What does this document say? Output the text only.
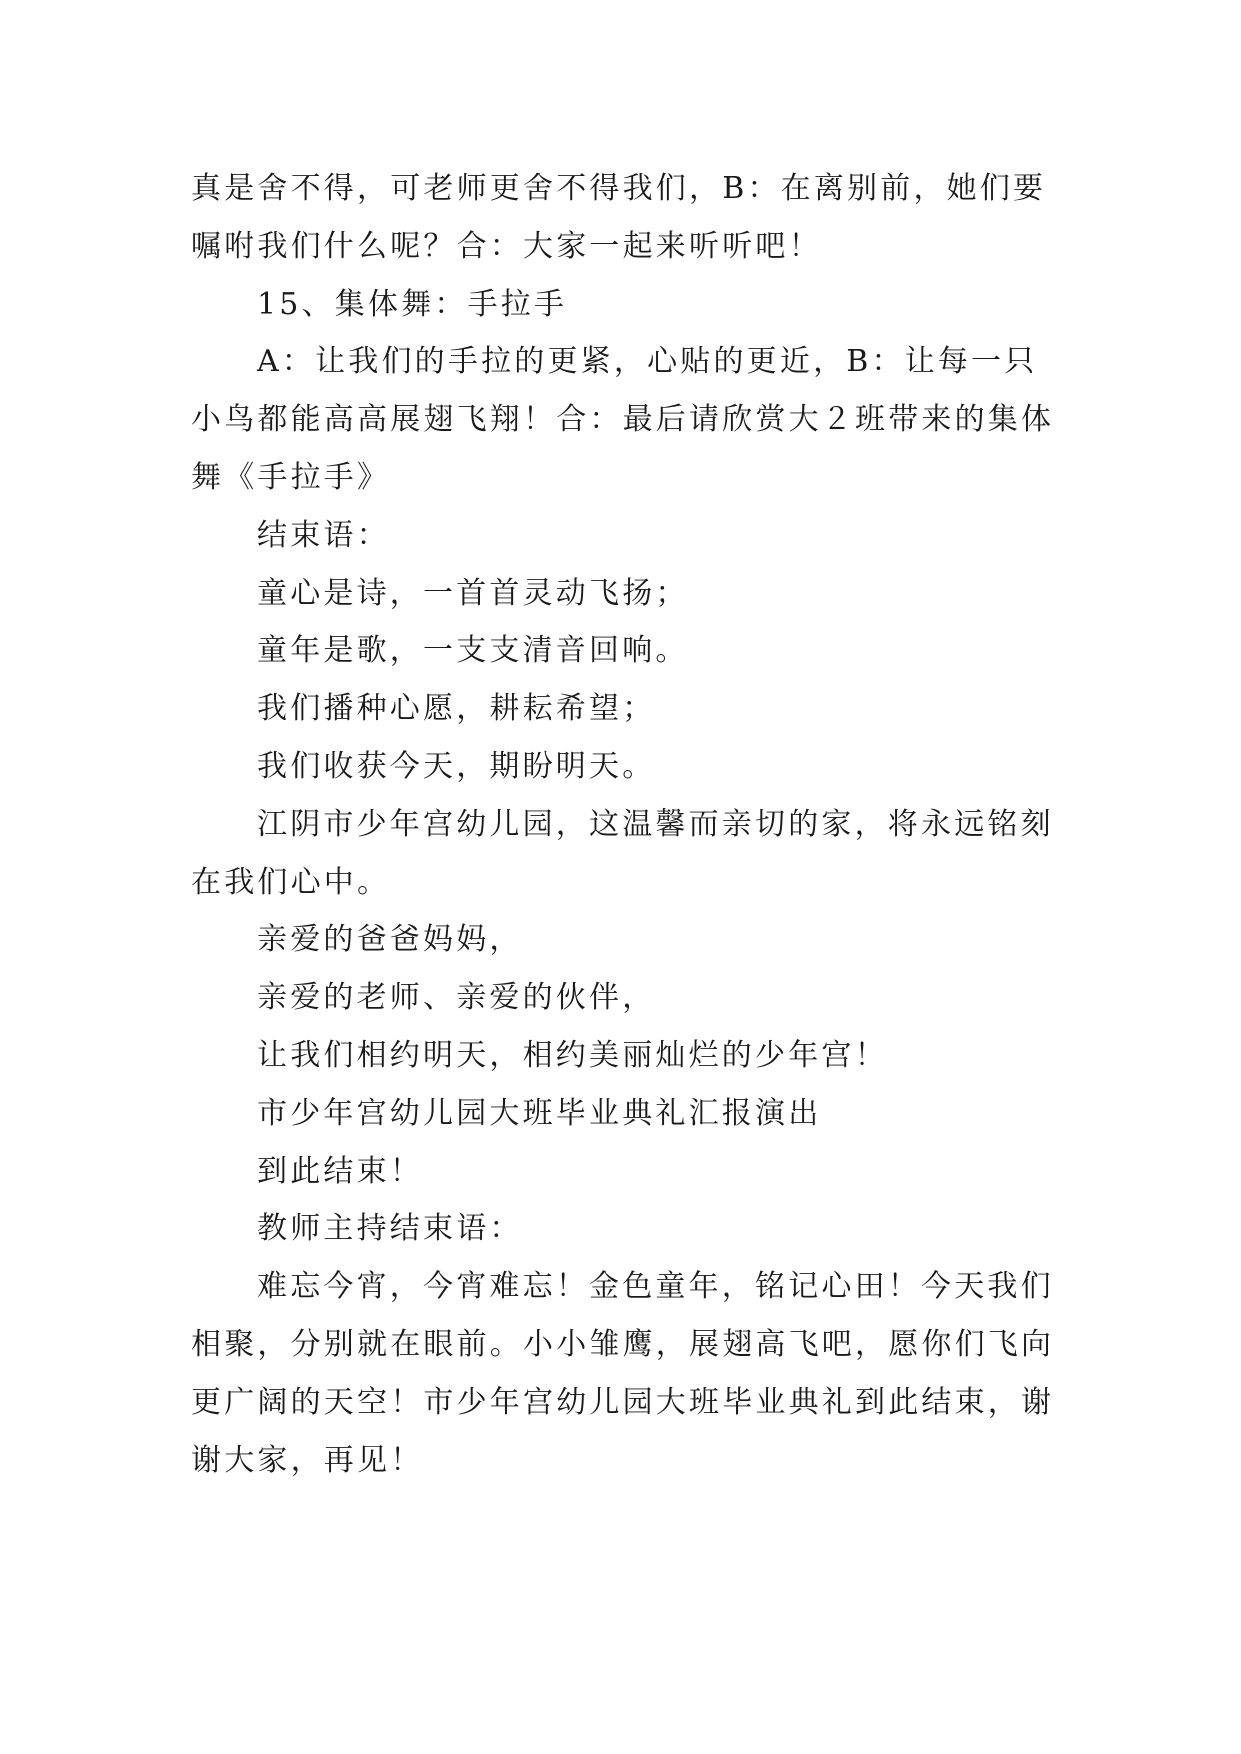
真是舍不得，可老师更舍不得我们，B：在离别前，她们要嘱咐我们什么呢？合：大家一起来听听吧！

15、集体舞：手拉手

A：让我们的手拉的更紧，心贴的更近，B：让每一只小鸟都能高高展翅飞翔！合：最后请欣赏大２班带来的集体舞《手拉手》

结束语：

童心是诗，一首首灵动飞扬；

童年是歌，一支支清音回响。

我们播种心愿，耕耘希望；

我们收获今天，期盼明天。

江阴市少年宫幼儿园，这温馨而亲切的家，将永远铭刻在我们心中。

亲爱的爸爸妈妈，

亲爱的老师、亲爱的伙伴，

让我们相约明天，相约美丽灿烂的少年宫！

市少年宫幼儿园大班毕业典礼汇报演出

到此结束！

教师主持结束语：

难忘今宵，今宵难忘！金色童年，铭记心田！今天我们相聚，分别就在眼前。小小雏鹰，展翅高飞吧，愿你们飞向更广阔的天空！市少年宫幼儿园大班毕业典礼到此结束，谢谢大家，再见！
